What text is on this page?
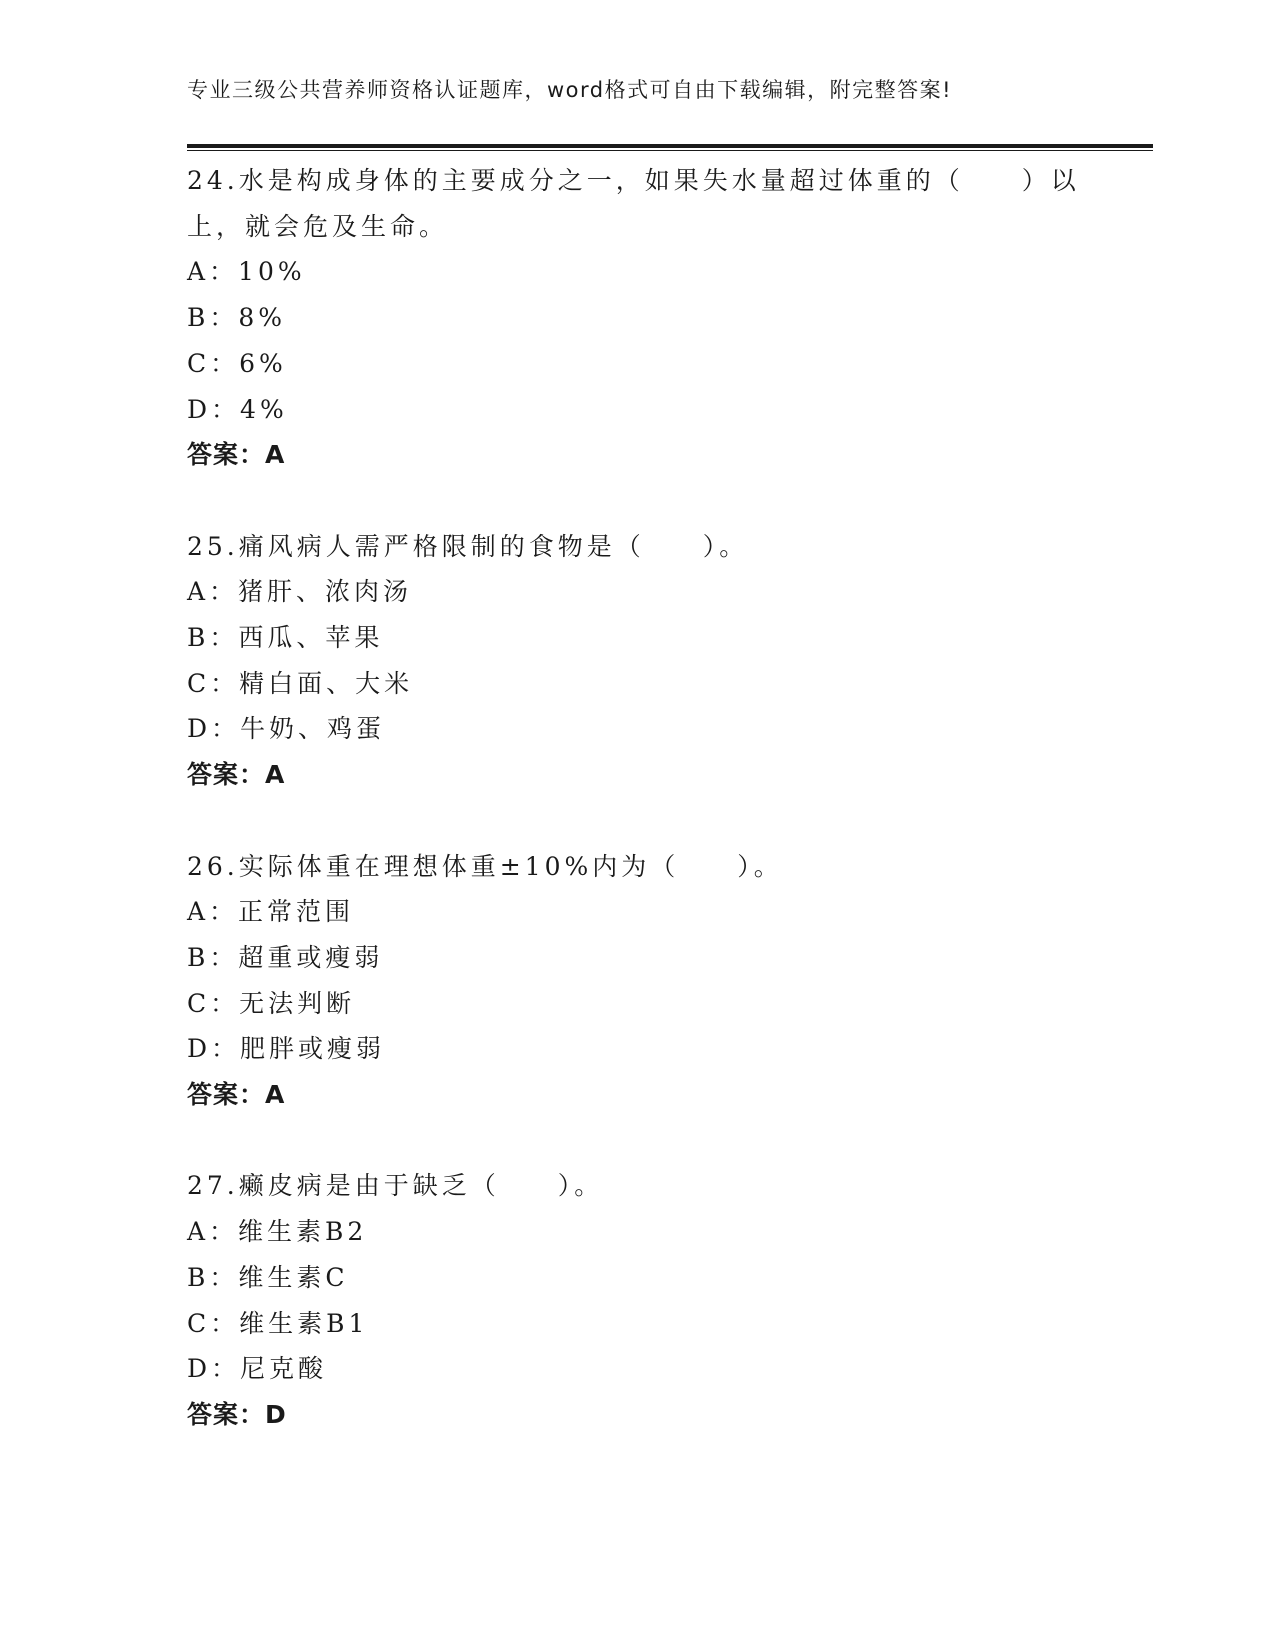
专业三级公共营养师资格认证题库，word格式可自由下载编辑，附完整答案!
24.水是构成身体的主要成分之一，如果失水量超过体重的（　　）以
上，就会危及生命。
A：10%
B：8%
C：6%
D：4%
答案：A
25.痛风病人需严格限制的食物是（　　）。
A：猪肝、浓肉汤
B：西瓜、苹果
C：精白面、大米
D：牛奶、鸡蛋
答案：A
26.实际体重在理想体重±10%内为（　　）。
A：正常范围
B：超重或瘦弱
C：无法判断
D：肥胖或瘦弱
答案：A
27.癞皮病是由于缺乏（　　）。
A：维生素B2
B：维生素C
C：维生素B1
D：尼克酸
答案：D
